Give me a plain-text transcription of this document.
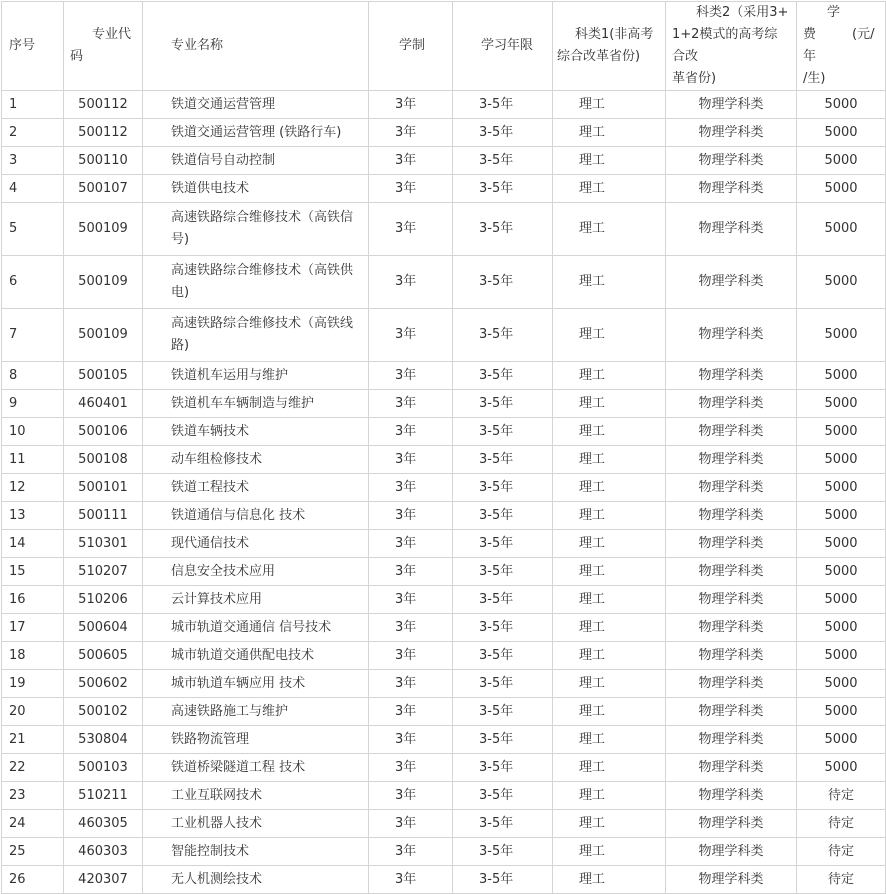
序号	专业代
码	专业名称	学制	学习年限	科类1(非高考
综合改革省份)	科类2（采用3+
1+2模式的高考综合改
革省份)	学
费 (元/年
/生)
1	500112	铁道交通运营管理	3年	3-5年	理工	物理学科类	5000
2	500112	铁道交通运营管理 (铁路行车)	3年	3-5年	理工	物理学科类	5000
3	500110	铁道信号自动控制	3年	3-5年	理工	物理学科类	5000
4	500107	铁道供电技术	3年	3-5年	理工	物理学科类	5000
5	500109	高速铁路综合维修技术（高铁信号)	3年	3-5年	理工	物理学科类	5000
6	500109	高速铁路综合维修技术（高铁供电)	3年	3-5年	理工	物理学科类	5000
7	500109	高速铁路综合维修技术（高铁线路)	3年	3-5年	理工	物理学科类	5000
8	500105	铁道机车运用与维护	3年	3-5年	理工	物理学科类	5000
9	460401	铁道机车车辆制造与维护	3年	3-5年	理工	物理学科类	5000
10	500106	铁道车辆技术	3年	3-5年	理工	物理学科类	5000
11	500108	动车组检修技术	3年	3-5年	理工	物理学科类	5000
12	500101	铁道工程技术	3年	3-5年	理工	物理学科类	5000
13	500111	铁道通信与信息化 技术	3年	3-5年	理工	物理学科类	5000
14	510301	现代通信技术	3年	3-5年	理工	物理学科类	5000
15	510207	信息安全技术应用	3年	3-5年	理工	物理学科类	5000
16	510206	云计算技术应用	3年	3-5年	理工	物理学科类	5000
17	500604	城市轨道交通通信 信号技术	3年	3-5年	理工	物理学科类	5000
18	500605	城市轨道交通供配电技术	3年	3-5年	理工	物理学科类	5000
19	500602	城市轨道车辆应用 技术	3年	3-5年	理工	物理学科类	5000
20	500102	高速铁路施工与维护	3年	3-5年	理工	物理学科类	5000
21	530804	铁路物流管理	3年	3-5年	理工	物理学科类	5000
22	500103	铁道桥梁隧道工程 技术	3年	3-5年	理工	物理学科类	5000
23	510211	工业互联网技术	3年	3-5年	理工	物理学科类	待定
24	460305	工业机器人技术	3年	3-5年	理工	物理学科类	待定
25	460303	智能控制技术	3年	3-5年	理工	物理学科类	待定
26	420307	无人机测绘技术	3年	3-5年	理工	物理学科类	待定
